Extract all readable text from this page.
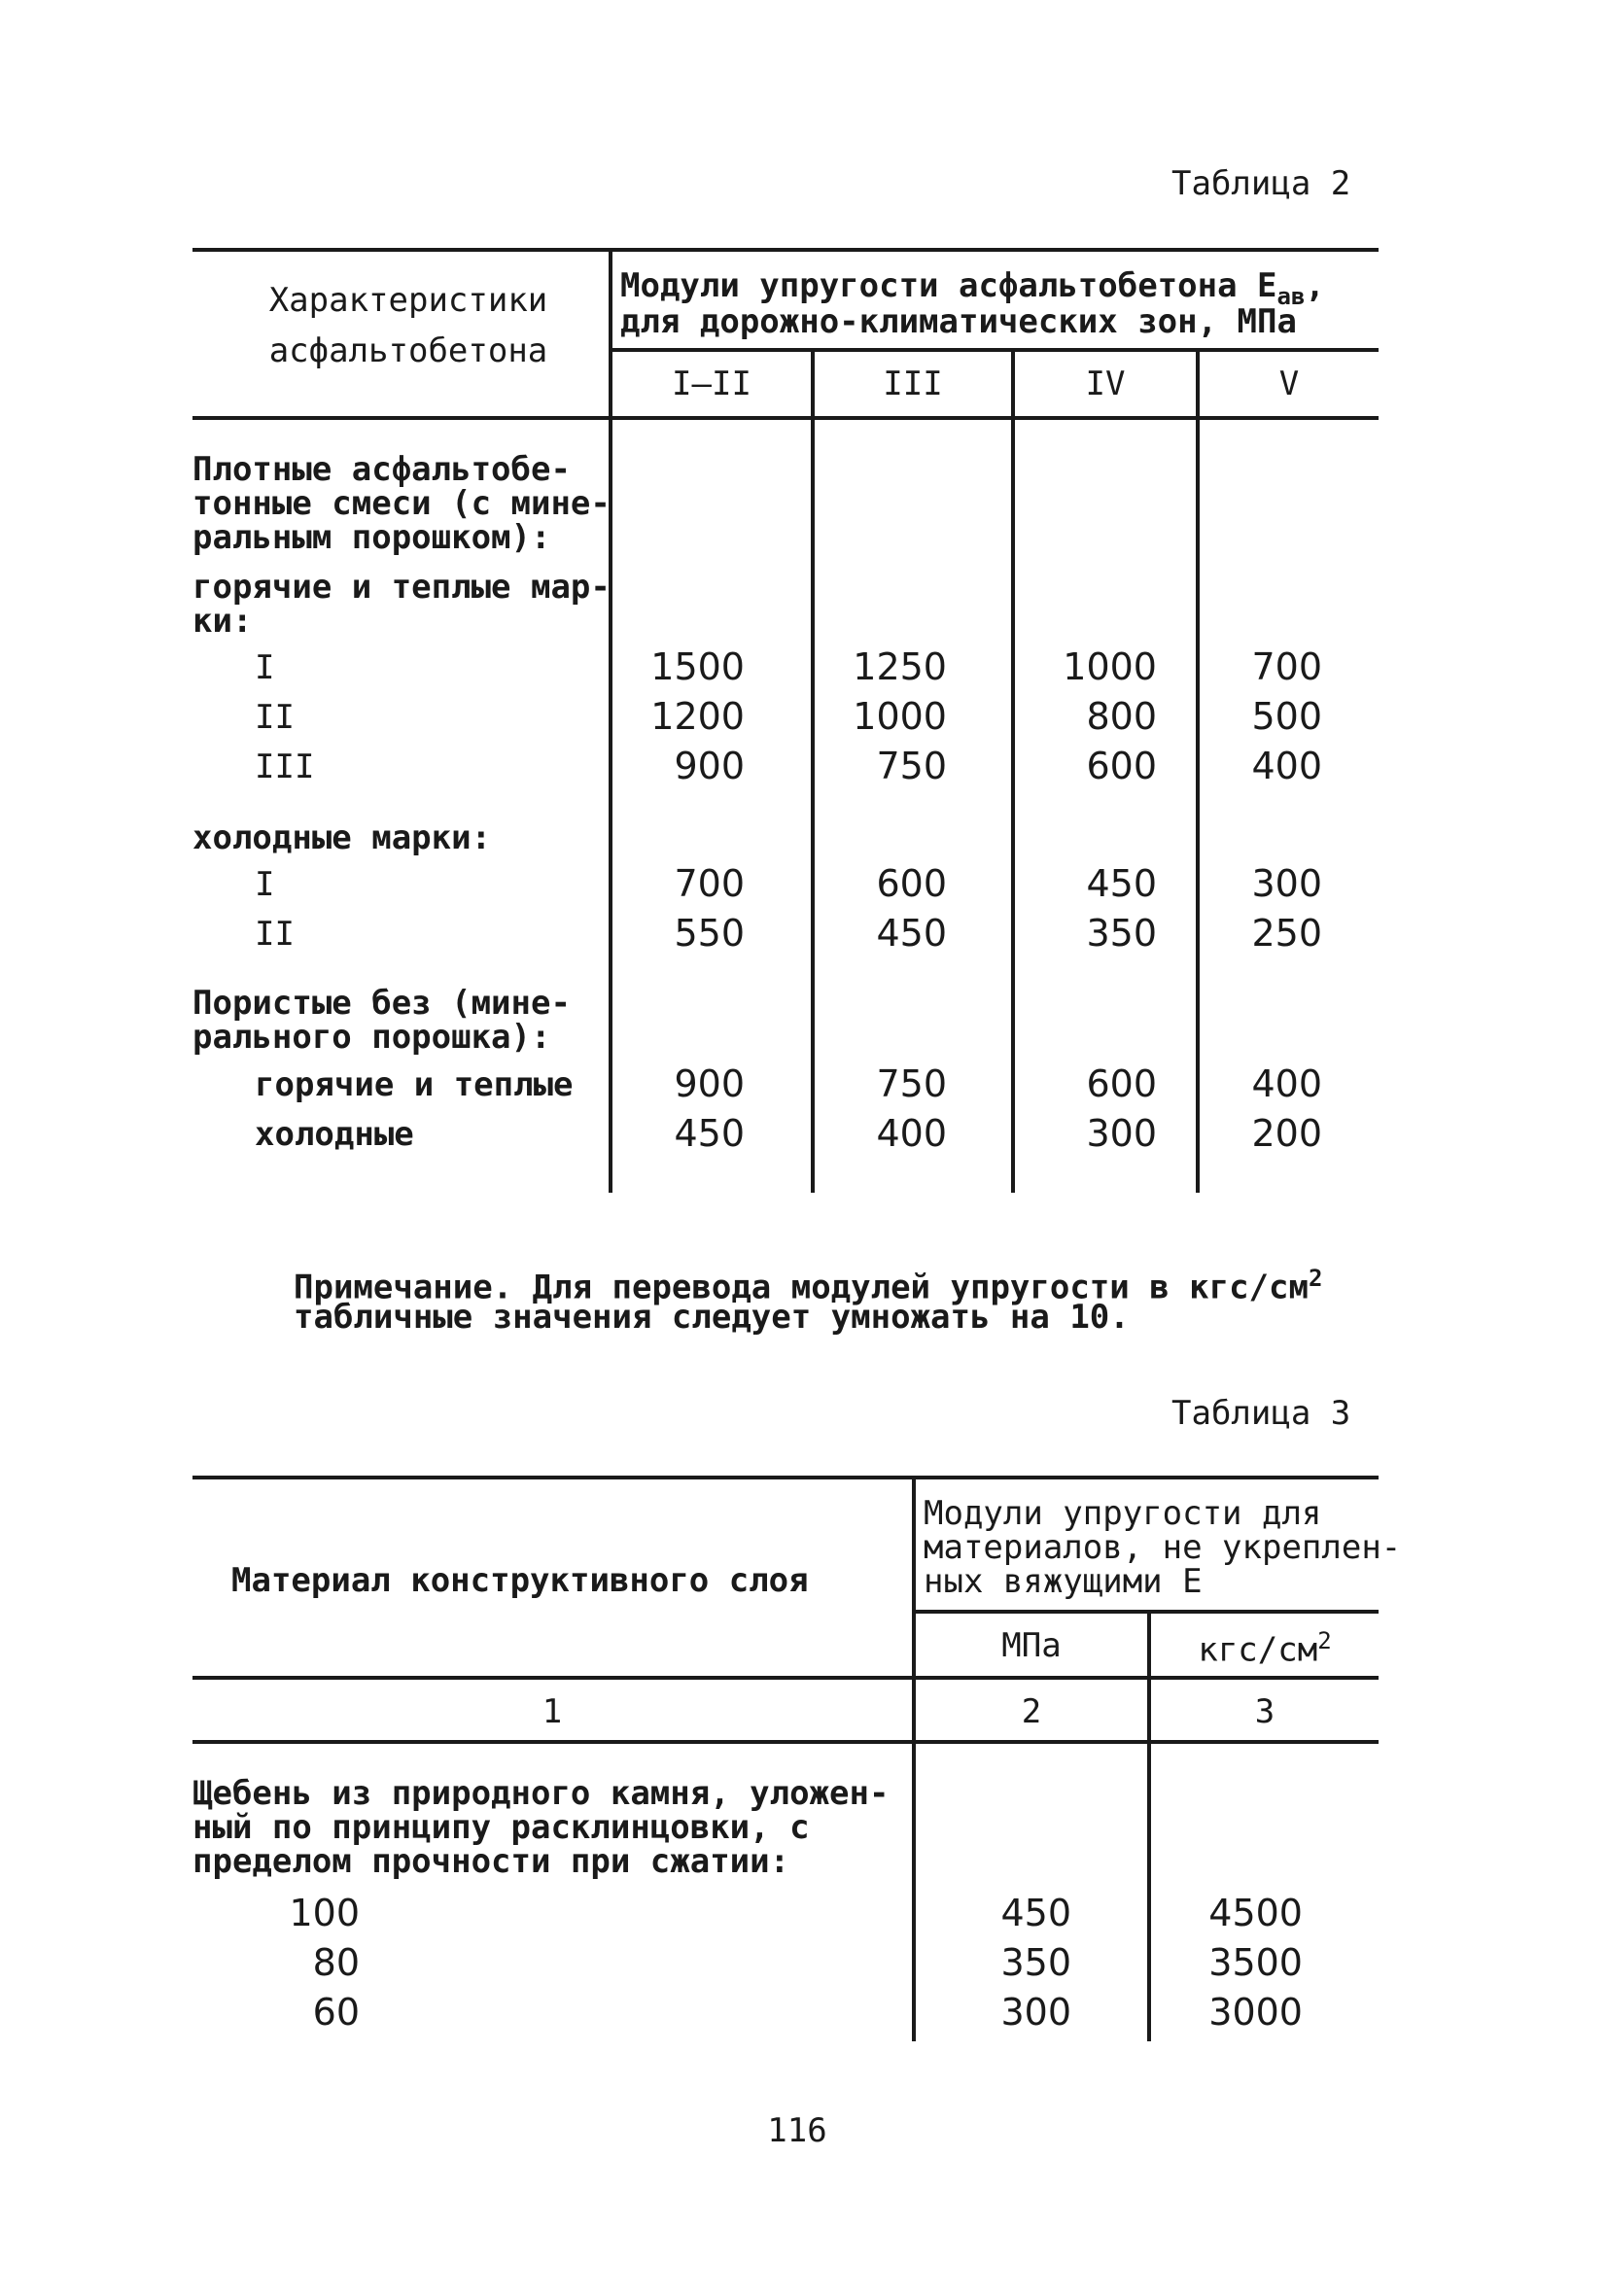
Таблица 2
Характеристики
асфальтобетона
Модули упругости асфальтобетона $E_{ав}$,
для дорожно-климатических зон, МПа
I–II	III	IV	V
Плотные асфальтобе-
тонные смеси (с мине-
ральным порошком):
горячие и теплые мар-
ки:
I	1500	1250	1000	700
II	1200	1000	800	500
III	900	750	600	400
холодные марки:
I	700	600	450	300
II	550	450	350	250
Пористые без (мине-
рального порошка):
горячие и теплые	900	750	600	400
холодные	450	400	300	200
Примечание. Для перевода модулей упругости в кгс/$см^2$
табличные значения следует умножать на 10.
Таблица 3
Материал конструктивного слоя
Модули упругости для
материалов, не укреплен-
ных вяжущими E
МПа	кгс/$см^2$
1	2	3
Щебень из природного камня, уложен-
ный по принципу расклинцовки, с
пределом прочности при сжатии:
100	450	4500
80	350	3500
60	300	3000
116
